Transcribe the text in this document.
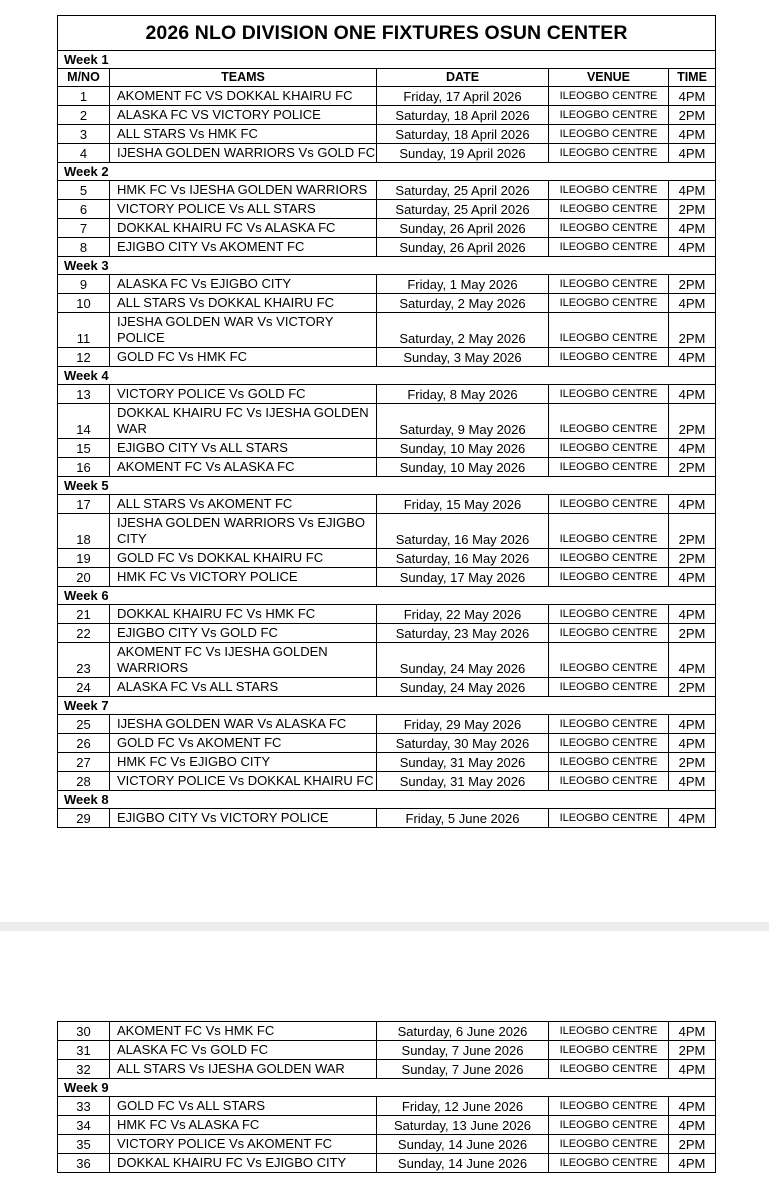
2026 NLO DIVISION ONE FIXTURES OSUN CENTER				
Week 1				
M/NO	TEAMS	DATE	VENUE	TIME
1	AKOMENT FC VS DOKKAL KHAIRU FC	Friday, 17 April 2026	ILEOGBO CENTRE	4PM
2	ALASKA FC VS VICTORY POLICE	Saturday, 18 April 2026	ILEOGBO CENTRE	2PM
3	ALL STARS Vs HMK FC	Saturday, 18 April 2026	ILEOGBO CENTRE	4PM
4	IJESHA GOLDEN WARRIORS Vs GOLD FC	Sunday, 19 April 2026	ILEOGBO CENTRE	4PM
Week 2				
5	HMK FC Vs IJESHA GOLDEN WARRIORS	Saturday, 25 April 2026	ILEOGBO CENTRE	4PM
6	VICTORY POLICE Vs ALL STARS	Saturday, 25 April 2026	ILEOGBO CENTRE	2PM
7	DOKKAL KHAIRU FC Vs ALASKA FC	Sunday, 26 April 2026	ILEOGBO CENTRE	4PM
8	EJIGBO CITY Vs AKOMENT FC	Sunday, 26 April 2026	ILEOGBO CENTRE	4PM
Week 3				
9	ALASKA FC Vs EJIGBO CITY	Friday, 1 May 2026	ILEOGBO CENTRE	2PM
10	ALL STARS Vs DOKKAL KHAIRU FC	Saturday, 2 May 2026	ILEOGBO CENTRE	4PM
11	IJESHA GOLDEN WAR Vs VICTORY POLICE	Saturday, 2 May 2026	ILEOGBO CENTRE	2PM
12	GOLD FC Vs HMK FC	Sunday, 3 May 2026	ILEOGBO CENTRE	4PM
Week 4				
13	VICTORY POLICE Vs GOLD FC	Friday, 8 May 2026	ILEOGBO CENTRE	4PM
14	DOKKAL KHAIRU FC Vs IJESHA GOLDEN WAR	Saturday, 9 May 2026	ILEOGBO CENTRE	2PM
15	EJIGBO CITY Vs ALL STARS	Sunday, 10 May 2026	ILEOGBO CENTRE	4PM
16	AKOMENT FC Vs ALASKA FC	Sunday, 10 May 2026	ILEOGBO CENTRE	2PM
Week 5				
17	ALL STARS Vs AKOMENT FC	Friday, 15 May 2026	ILEOGBO CENTRE	4PM
18	IJESHA GOLDEN WARRIORS Vs EJIGBO CITY	Saturday, 16 May 2026	ILEOGBO CENTRE	2PM
19	GOLD FC Vs DOKKAL KHAIRU FC	Saturday, 16 May 2026	ILEOGBO CENTRE	2PM
20	HMK FC Vs VICTORY POLICE	Sunday, 17 May 2026	ILEOGBO CENTRE	4PM
Week 6				
21	DOKKAL KHAIRU FC Vs HMK FC	Friday, 22 May 2026	ILEOGBO CENTRE	4PM
22	EJIGBO CITY Vs GOLD FC	Saturday, 23 May 2026	ILEOGBO CENTRE	2PM
23	AKOMENT FC Vs IJESHA GOLDEN WARRIORS	Sunday, 24 May 2026	ILEOGBO CENTRE	4PM
24	ALASKA FC Vs ALL STARS	Sunday, 24 May 2026	ILEOGBO CENTRE	2PM
Week 7				
25	IJESHA GOLDEN WAR Vs ALASKA FC	Friday, 29 May 2026	ILEOGBO CENTRE	4PM
26	GOLD FC Vs AKOMENT FC	Saturday, 30 May 2026	ILEOGBO CENTRE	4PM
27	HMK FC Vs EJIGBO CITY	Sunday, 31 May 2026	ILEOGBO CENTRE	2PM
28	VICTORY POLICE Vs DOKKAL KHAIRU FC	Sunday, 31 May 2026	ILEOGBO CENTRE	4PM
Week 8				
29	EJIGBO CITY Vs VICTORY POLICE	Friday, 5 June 2026	ILEOGBO CENTRE	4PM
30	AKOMENT FC Vs HMK FC	Saturday, 6 June 2026	ILEOGBO CENTRE	4PM
31	ALASKA FC Vs GOLD FC	Sunday, 7 June 2026	ILEOGBO CENTRE	2PM
32	ALL STARS Vs IJESHA GOLDEN WAR	Sunday, 7 June 2026	ILEOGBO CENTRE	4PM
Week 9				
33	GOLD FC Vs ALL STARS	Friday, 12 June 2026	ILEOGBO CENTRE	4PM
34	HMK FC Vs ALASKA FC	Saturday, 13 June 2026	ILEOGBO CENTRE	4PM
35	VICTORY POLICE Vs AKOMENT FC	Sunday, 14 June 2026	ILEOGBO CENTRE	2PM
36	DOKKAL KHAIRU FC Vs EJIGBO CITY	Sunday, 14 June 2026	ILEOGBO CENTRE	4PM
